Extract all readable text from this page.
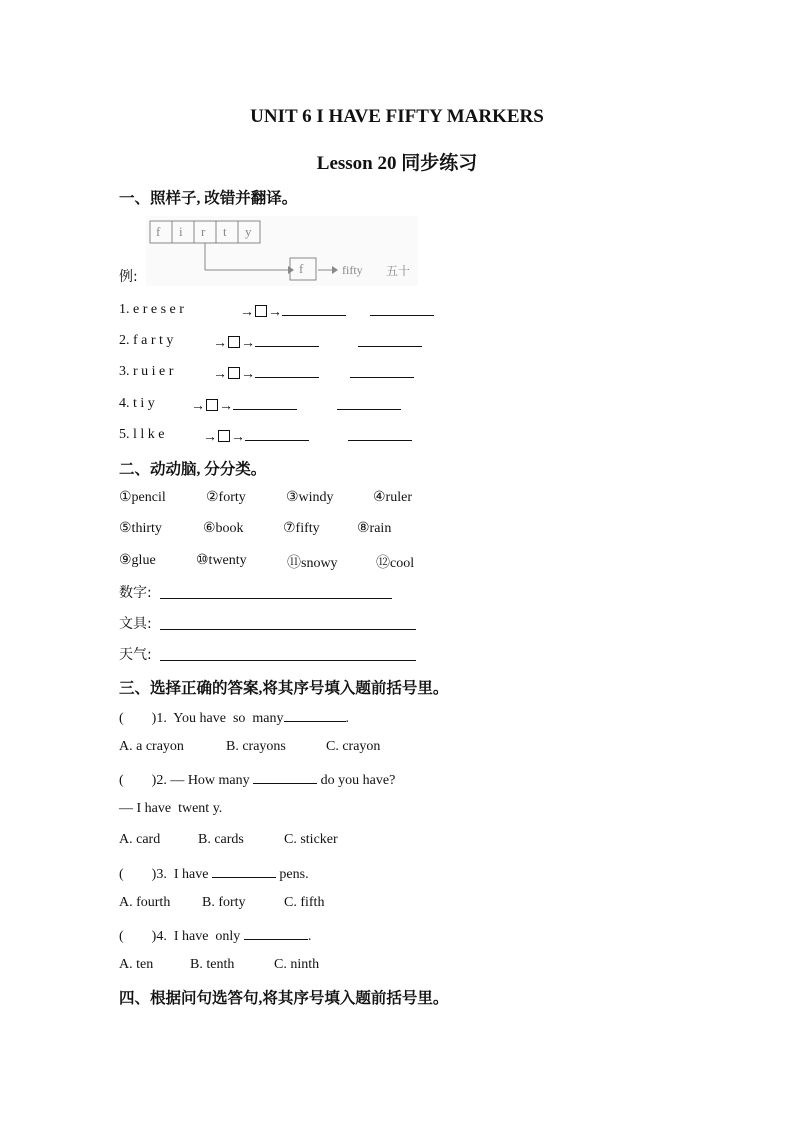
UNIT 6 I HAVE FIFTY MARKERS
Lesson 20 同步练习
一、照样子, 改错并翻译。
f i r t y
f	fifty 五十
例:
1. e r e s e r	→ →
2. f a r t y	→ →
3. r u i e r	→ →
4. t i y	→ →
5. l l k e	→ →
二、动动脑, 分分类。
①pencil	②forty	③windy	④ruler
⑤thirty	⑥book	⑦fifty	⑧rain
⑨glue	⑩twenty	⑪snowy	⑫cool
数字:
文具:
天气:
三、选择正确的答案,将其序号填入题前括号里。
(        )1.  You have  so  many	.
A. a crayon	B. crayons	C. crayon
(        )2. — How many	do you have?
— I have  twent y.
A. card	B. cards	C. sticker
(        )3.  I have	pens.
A. fourth B. forty	C. fifth
(        )4.  I have  only	.
A. ten	B. tenth	C. ninth
四、根据问句选答句,将其序号填入题前括号里。
